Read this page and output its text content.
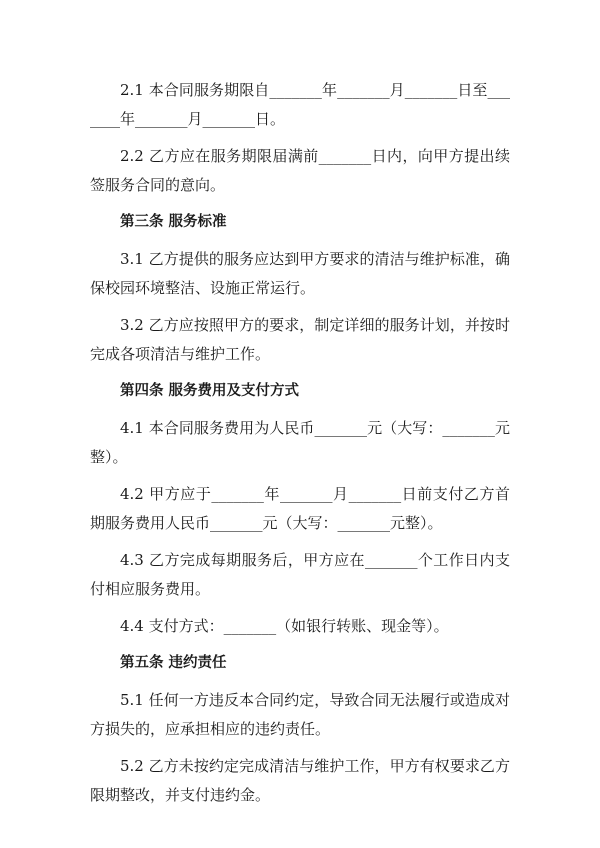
2.1 本合同服务期限自_______年_______月_______日至_______年_______月_______日。

2.2 乙方应在服务期限届满前_______日内，向甲方提出续签服务合同的意向。

第三条 服务标准

3.1 乙方提供的服务应达到甲方要求的清洁与维护标准，确保校园环境整洁、设施正常运行。

3.2 乙方应按照甲方的要求，制定详细的服务计划，并按时完成各项清洁与维护工作。

第四条 服务费用及支付方式

4.1 本合同服务费用为人民币_______元（大写：_______元整）。

4.2 甲方应于_______年_______月_______日前支付乙方首期服务费用人民币_______元（大写：_______元整）。

4.3 乙方完成每期服务后，甲方应在_______个工作日内支付相应服务费用。

4.4 支付方式：_______（如银行转账、现金等）。

第五条 违约责任

5.1 任何一方违反本合同约定，导致合同无法履行或造成对方损失的，应承担相应的违约责任。

5.2 乙方未按约定完成清洁与维护工作，甲方有权要求乙方限期整改，并支付违约金。
